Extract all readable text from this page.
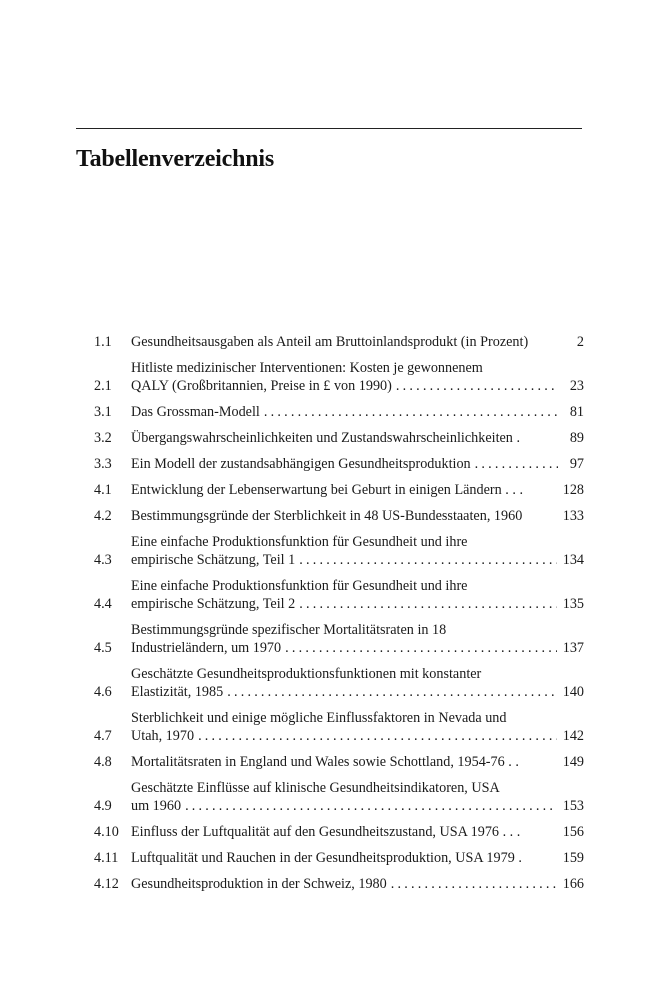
Tabellenverzeichnis
1.1	Gesundheitsausgaben als Anteil am Bruttoinlandsprodukt (in Prozent)	2
2.1
Hitliste medizinischer Interventionen: Kosten je gewonnenem
QALY (Großbritannien, Preise in £ von 1990) .....	23
3.1	Das Grossman-Modell .....	81
3.2	Übergangswahrscheinlichkeiten und Zustandswahrscheinlichkeiten .	89
3.3	Ein Modell der zustandsabhängigen Gesundheitsproduktion .....	97
4.1	Entwicklung der Lebenserwartung bei Geburt in einigen Ländern . . .	128
4.2	Bestimmungsgründe der Sterblichkeit in 48 US-Bundesstaaten, 1960	133
4.3
Eine einfache Produktionsfunktion für Gesundheit und ihre
empirische Schätzung, Teil 1 .....	134
4.4
Eine einfache Produktionsfunktion für Gesundheit und ihre
empirische Schätzung, Teil 2 .....	135
4.5
Bestimmungsgründe spezifischer Mortalitätsraten in 18
Industrieländern, um 1970 .....	137
4.6
Geschätzte Gesundheitsproduktionsfunktionen mit konstanter
Elastizität, 1985 .....	140
4.7
Sterblichkeit und einige mögliche Einflussfaktoren in Nevada und
Utah, 1970 .....	142
4.8	Mortalitätsraten in England und Wales sowie Schottland, 1954-76 . .	149
4.9
Geschätzte Einflüsse auf klinische Gesundheitsindikatoren, USA
um 1960 .....	153
4.10 Einfluss der Luftqualität auf den Gesundheitszustand, USA 1976 . . .	156
4.11 Luftqualität und Rauchen in der Gesundheitsproduktion, USA 1979 .	159
4.12 Gesundheitsproduktion in der Schweiz, 1980 .....	166
